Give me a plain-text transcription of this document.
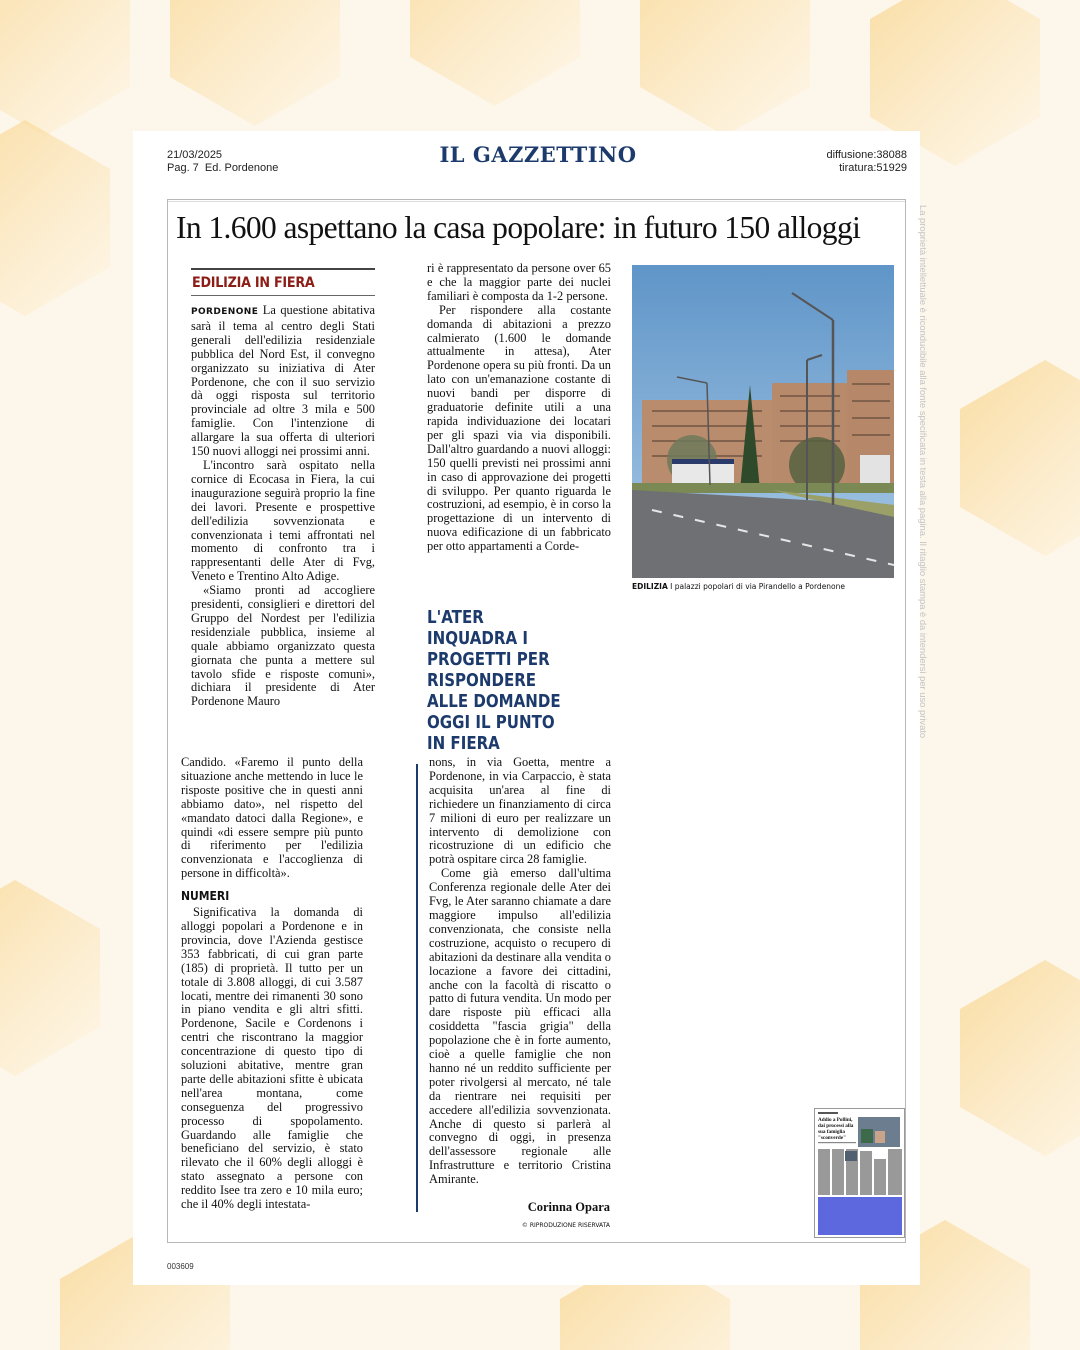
21/03/2025
Pag. 7  Ed. Pordenone
IL GAZZETTINO	diffusione:38088
tiratura:51929
In 1.600 aspettano la casa popolare: in futuro 150 alloggi
EDILIZIA IN FIERA

PORDENONE La questione abitativa sarà il tema al centro degli Stati generali dell'edilizia residenziale pubblica del Nord Est, il convegno organizzato su iniziativa di Ater Pordenone, che con il suo servizio dà oggi risposta sul territorio provinciale ad oltre 3 mila e 500 famiglie. Con l'intenzione di allargare la sua offerta di ulteriori 150 nuovi alloggi nei prossimi anni.

L'incontro sarà ospitato nella cornice di Ecocasa in Fiera, la cui inaugurazione seguirà proprio la fine dei lavori. Presente e prospettive dell'edilizia sovvenzionata e convenzionata i temi affrontati nel momento di confronto tra i rappresentanti delle Ater di Fvg, Veneto e Trentino Alto Adige.

«Siamo pronti ad accogliere presidenti, consiglieri e direttori del Gruppo del Nordest per l'edilizia residenziale pubblica, insieme al quale abbiamo organizzato questa giornata che punta a mettere sul tavolo sfide e risposte comuni», dichiara il presidente di Ater Pordenone Mauro

ri è rappresentato da persone over 65 e che la maggior parte dei nuclei familiari è composta da 1-2 persone.

Per rispondere alla costante domanda di abitazioni a prezzo calmierato (1.600 le domande attualmente in attesa), Ater Pordenone opera su più fronti. Da un lato con un'emanazione costante di nuovi bandi per disporre di graduatorie definite utili a una rapida individuazione dei locatari per gli spazi via via disponibili. Dall'altro guardando a nuovi alloggi: 150 quelli previsti nei prossimi anni in caso di approvazione dei progetti di sviluppo. Per quanto riguarda le costruzioni, ad esempio, è in corso la progettazione di un intervento di nuova edificazione di un fabbricato per otto appartamenti a Corde-

EDILIZIA I palazzi popolari di via Pirandello a Pordenone
L'ATER INQUADRA I PROGETTI PER RISPONDERE ALLE DOMANDE OGGI IL PUNTO IN FIERA

Candido. «Faremo il punto della situazione anche mettendo in luce le risposte positive che in questi anni abbiamo dato», nel rispetto del «mandato datoci dalla Regione», e quindi «di essere sempre più punto di riferimento per l'edilizia convenzionata e l'accoglienza di persone in difficoltà».

NUMERI

Significativa la domanda di alloggi popolari a Pordenone e in provincia, dove l'Azienda gestisce 353 fabbricati, di cui gran parte (185) di proprietà. Il tutto per un totale di 3.808 alloggi, di cui 3.587 locati, mentre dei rimanenti 30 sono in piano vendita e gli altri sfitti. Pordenone, Sacile e Cordenons i centri che riscontrano la maggior concentrazione di questo tipo di soluzioni abitative, mentre gran parte delle abitazioni sfitte è ubicata nell'area montana, come conseguenza del progressivo processo di spopolamento. Guardando alle famiglie che beneficiano del servizio, è stato rilevato che il 60% degli alloggi è stato assegnato a persone con reddito Isee tra zero e 10 mila euro; che il 40% degli intestata-

nons, in via Goetta, mentre a Pordenone, in via Carpaccio, è stata acquisita un'area al fine di richiedere un finanziamento di circa 7 milioni di euro per realizzare un intervento di demolizione con ricostruzione di un edificio che potrà ospitare circa 28 famiglie.

Come già emerso dall'ultima Conferenza regionale delle Ater dei Fvg, le Ater saranno chiamate a dare maggiore impulso all'edilizia convenzionata, che consiste nella costruzione, acquisto o recupero di abitazioni da destinare alla vendita o locazione a favore dei cittadini, anche con la facoltà di riscatto o patto di futura vendita. Un modo per dare risposte più efficaci alla cosiddetta "fascia grigia" della popolazione che è in forte aumento, cioè a quelle famiglie che non hanno né un reddito sufficiente per poter rivolgersi al mercato, né tale da rientrare nei requisiti per accedere all'edilizia sovvenzionata. Anche di questo si parlerà al convegno di oggi, in presenza dell'assessore regionale alle Infrastrutture e territorio Cristina Amirante.

Corinna Opara
© RIPRODUZIONE RISERVATA
Addio a Pollini, dai processi alla sua famiglia "sconverde"
003609
La proprietà intellettuale è riconducibile alla fonte specificata in testa alla pagina. Il ritaglio stampa è da intendersi per uso privato
